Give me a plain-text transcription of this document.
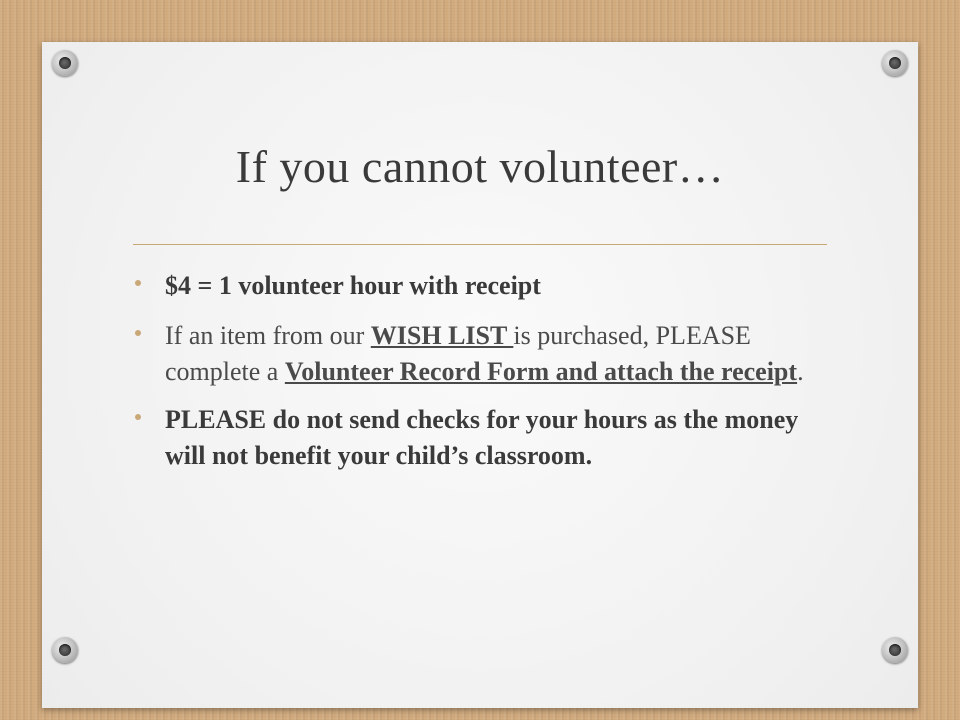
If you cannot volunteer…
$4 = 1 volunteer hour with receipt
If an item from our WISH LIST is purchased, PLEASE complete a Volunteer Record Form and attach the receipt.
PLEASE do not send checks for your hours as the money will not benefit your child’s classroom.
